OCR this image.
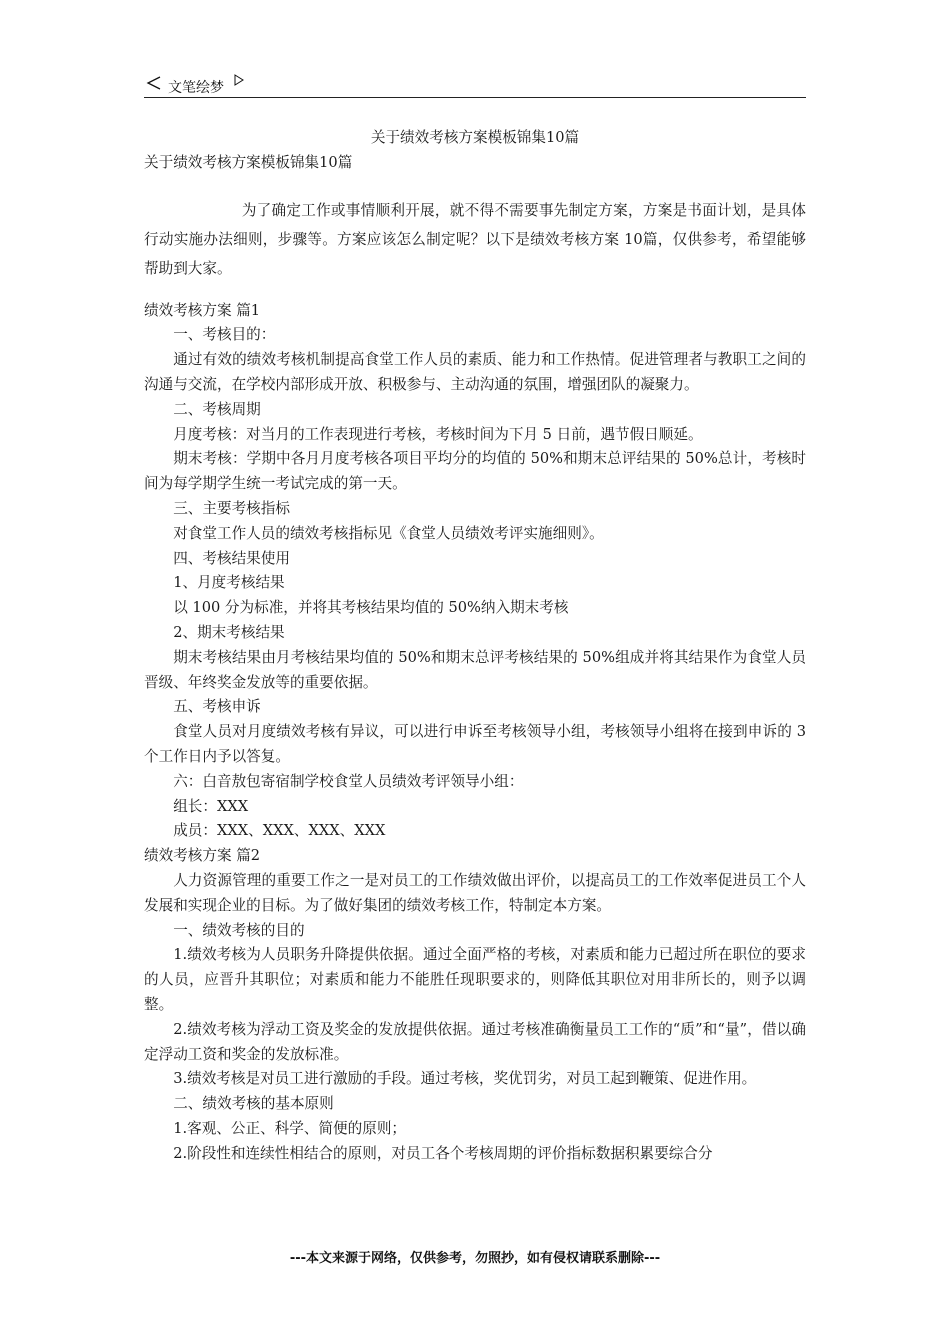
文笔绘梦

关于绩效考核方案模板锦集10篇

关于绩效考核方案模板锦集10篇

为了确定工作或事情顺利开展，就不得不需要事先制定方案，方案是书面计划，是具体行动实施办法细则，步骤等。方案应该怎么制定呢？以下是绩效考核方案 10篇，仅供参考，希望能够帮助到大家。

绩效考核方案 篇1

一、考核目的：

通过有效的绩效考核机制提高食堂工作人员的素质、能力和工作热情。促进管理者与教职工之间的沟通与交流，在学校内部形成开放、积极参与、主动沟通的氛围，增强团队的凝聚力。

二、考核周期

月度考核：对当月的工作表现进行考核，考核时间为下月 5 日前，遇节假日顺延。

期末考核：学期中各月月度考核各项目平均分的均值的 50%和期末总评结果的 50%总计，考核时间为每学期学生统一考试完成的第一天。

三、主要考核指标

对食堂工作人员的绩效考核指标见《食堂人员绩效考评实施细则》。

四、考核结果使用

1、月度考核结果

以 100 分为标准，并将其考核结果均值的 50%纳入期末考核

2、期末考核结果

期末考核结果由月考核结果均值的 50%和期末总评考核结果的 50%组成并将其结果作为食堂人员晋级、年终奖金发放等的重要依据。

五、考核申诉

食堂人员对月度绩效考核有异议，可以进行申诉至考核领导小组，考核领导小组将在接到申诉的 3 个工作日内予以答复。

六：白音敖包寄宿制学校食堂人员绩效考评领导小组：

组长：XXX

成员：XXX、XXX、XXX、XXX

绩效考核方案 篇2

人力资源管理的重要工作之一是对员工的工作绩效做出评价，以提高员工的工作效率促进员工个人发展和实现企业的目标。为了做好集团的绩效考核工作，特制定本方案。

一、绩效考核的目的

1.绩效考核为人员职务升降提供依据。通过全面严格的考核，对素质和能力已超过所在职位的要求的人员，应晋升其职位；对素质和能力不能胜任现职要求的，则降低其职位对用非所长的，则予以调整。

2.绩效考核为浮动工资及奖金的发放提供依据。通过考核准确衡量员工工作的“质”和“量”，借以确定浮动工资和奖金的发放标准。

3.绩效考核是对员工进行激励的手段。通过考核，奖优罚劣，对员工起到鞭策、促进作用。

二、绩效考核的基本原则

1.客观、公正、科学、简便的原则；

2.阶段性和连续性相结合的原则，对员工各个考核周期的评价指标数据积累要综合分

---本文来源于网络，仅供参考，勿照抄，如有侵权请联系删除---
